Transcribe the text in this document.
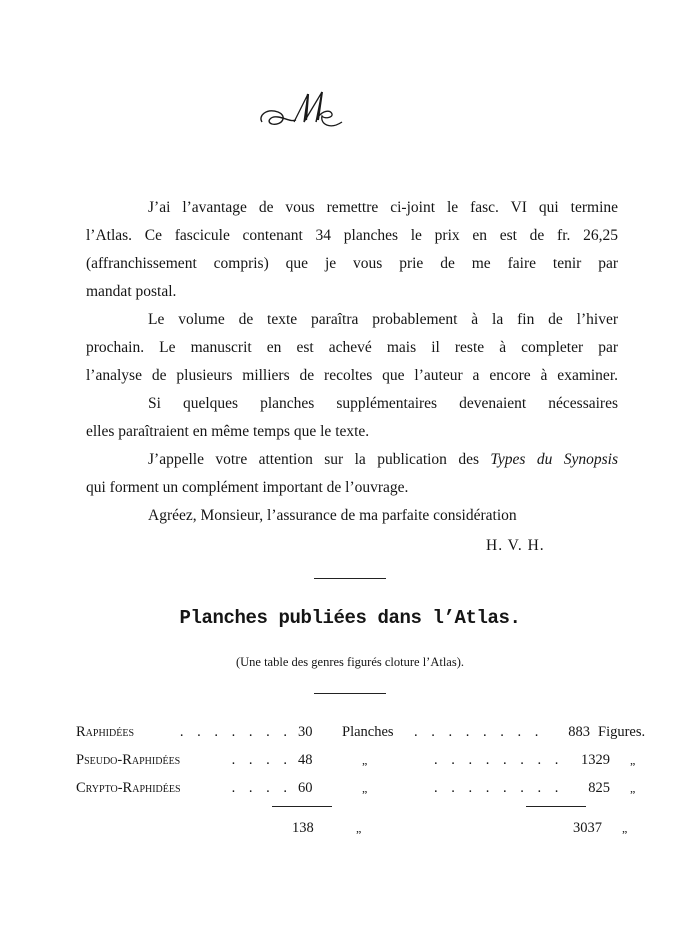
J’ai l’avantage de vous remettre ci-joint le fasc. VI qui termine

l’Atlas. Ce fascicule contenant 34 planches le prix en est de fr. 26,25

(affranchissement compris) que je vous prie de me faire tenir par

mandat postal.

Le volume de texte paraîtra probablement à la fin de l’hiver

prochain. Le manuscrit en est achevé mais il reste à completer par

l’analyse de plusieurs milliers de recoltes que l’auteur a encore à examiner.

Si quelques planches supplémentaires devenaient nécessaires

elles paraîtraient en même temps que le texte.

J’appelle votre attention sur la publication des Types du Synopsis

qui forment un complément important de l’ouvrage.

Agréez, Monsieur, l’assurance de ma parfaite considération

H. V. H.
Planches publiées dans l’Atlas.
(Une table des genres figurés cloture l’Atlas).
Raphidées	. . . . . . . 30	Planches	. . . . . . . .	883 Figures.
Pseudo-Raphidées	. . . . 48	„	. . . . . . . .	1329	„
Crypto-Raphidées	. . . . 60	„	. . . . . . . .	825	„
138	„	3037	„
